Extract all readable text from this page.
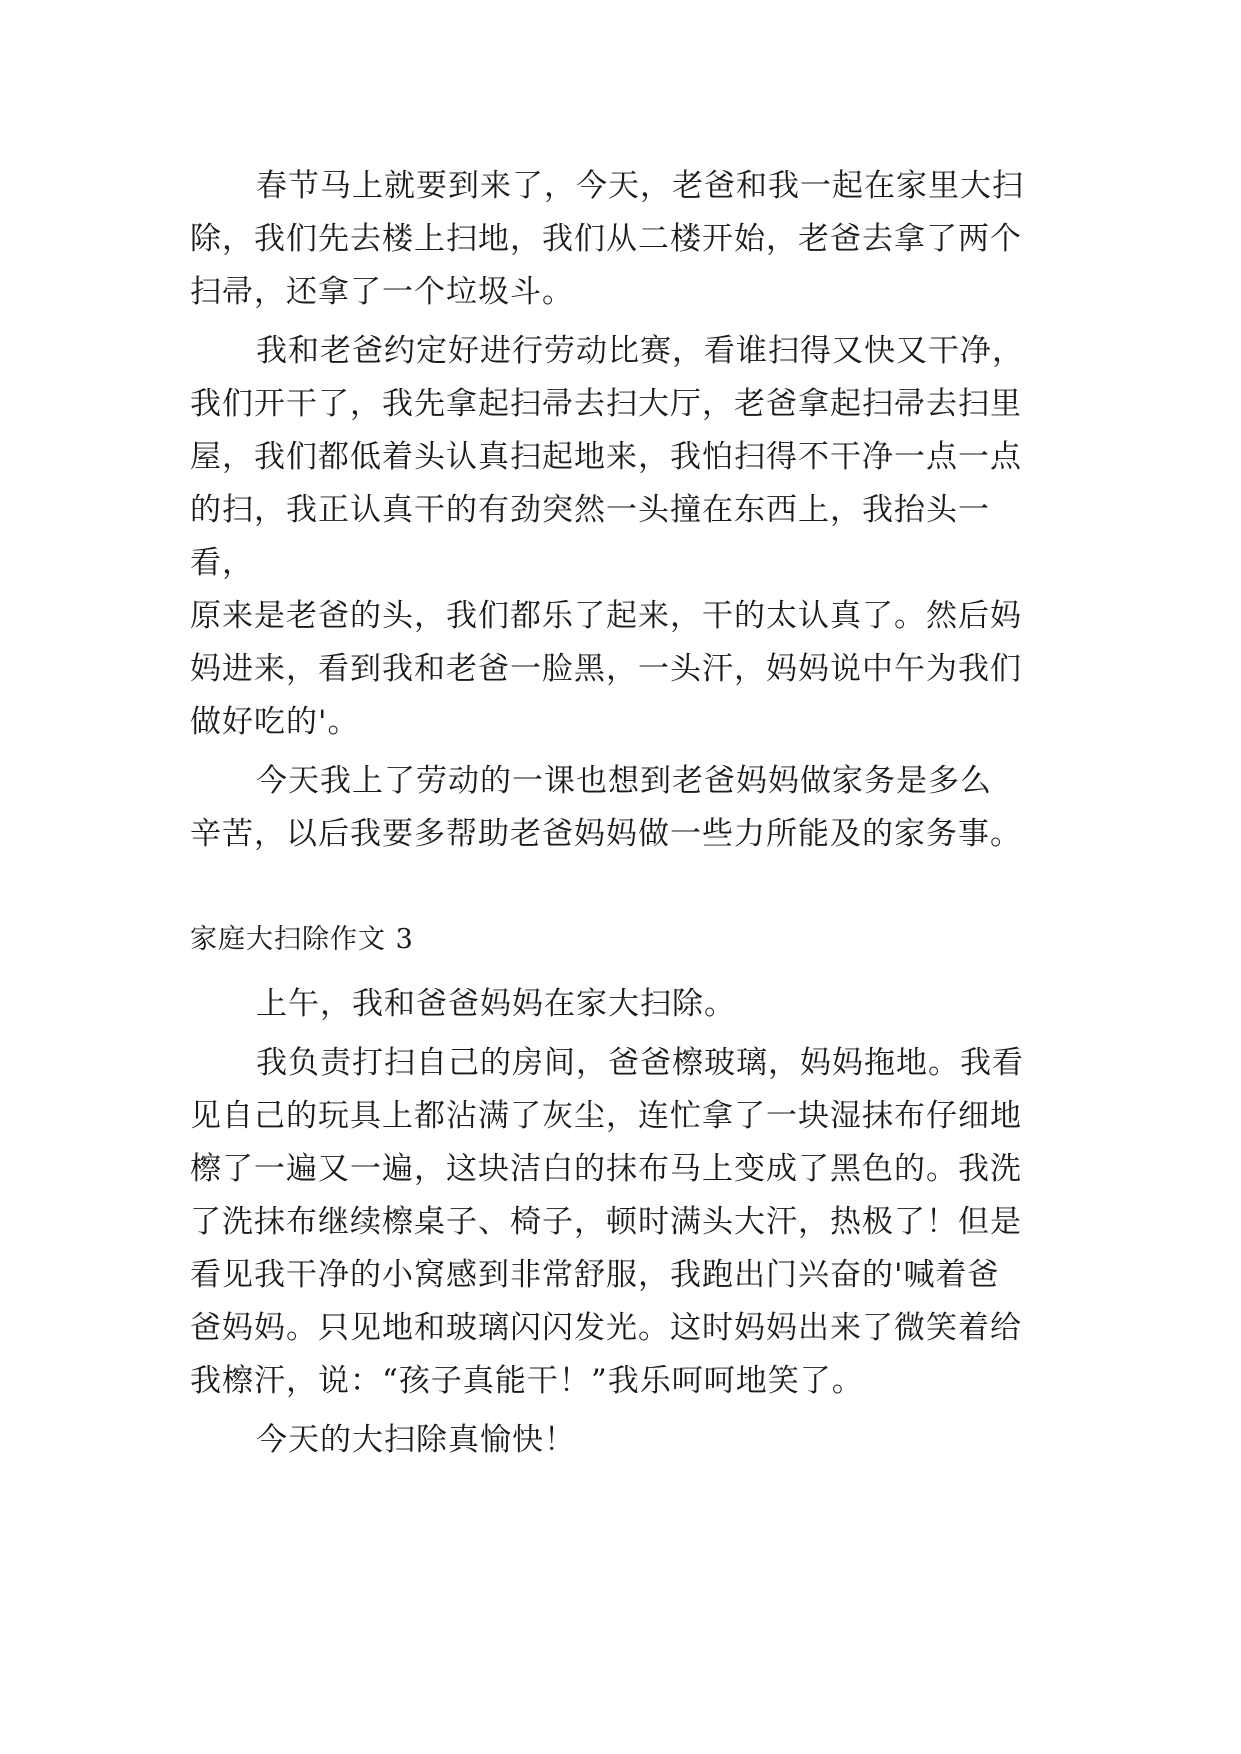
春节马上就要到来了，今天，老爸和我一起在家里大扫
除，我们先去楼上扫地，我们从二楼开始，老爸去拿了两个
扫帚，还拿了一个垃圾斗。

我和老爸约定好进行劳动比赛，看谁扫得又快又干净，
我们开干了，我先拿起扫帚去扫大厅，老爸拿起扫帚去扫里
屋，我们都低着头认真扫起地来，我怕扫得不干净一点一点
的扫，我正认真干的有劲突然一头撞在东西上，我抬头一看，
原来是老爸的头，我们都乐了起来，干的太认真了。然后妈
妈进来，看到我和老爸一脸黑，一头汗，妈妈说中午为我们
做好吃的'。

今天我上了劳动的一课也想到老爸妈妈做家务是多么
辛苦，以后我要多帮助老爸妈妈做一些力所能及的家务事。

家庭大扫除作文 3

上午，我和爸爸妈妈在家大扫除。

我负责打扫自己的房间，爸爸檫玻璃，妈妈拖地。我看
见自己的玩具上都沾满了灰尘，连忙拿了一块湿抹布仔细地
檫了一遍又一遍，这块洁白的抹布马上变成了黑色的。我洗
了洗抹布继续檫桌子、椅子，顿时满头大汗，热极了！但是
看见我干净的小窝感到非常舒服，我跑出门兴奋的'喊着爸
爸妈妈。只见地和玻璃闪闪发光。这时妈妈出来了微笑着给
我檫汗，说：“孩子真能干！”我乐呵呵地笑了。

今天的大扫除真愉快！
